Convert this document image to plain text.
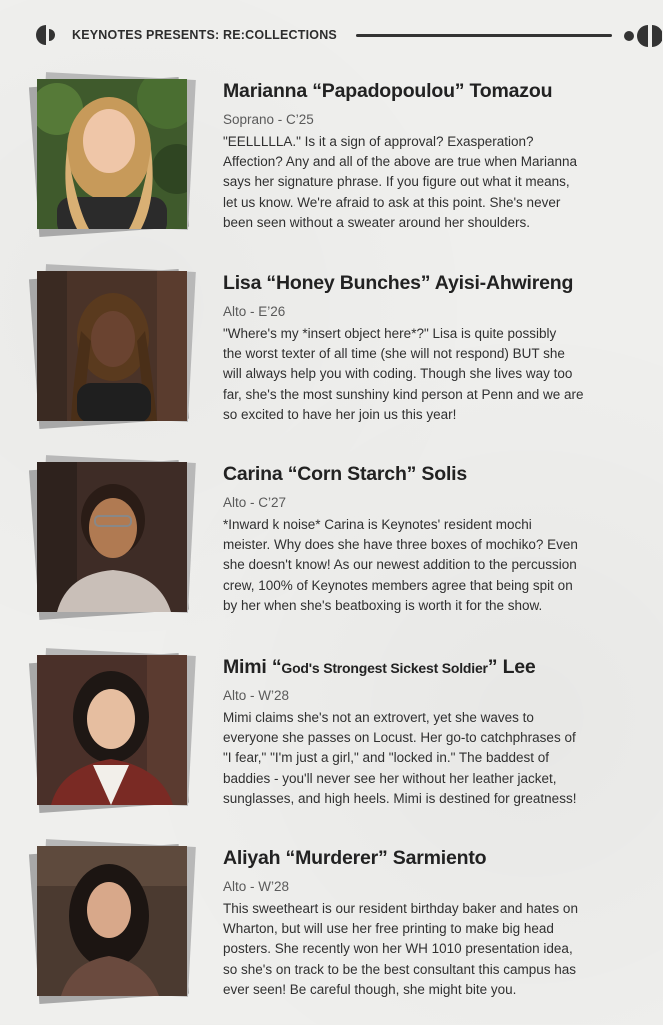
KEYNOTES PRESENTS: RE:COLLECTIONS
Marianna “Papadopoulou” Tomazou
Soprano - C’25
"EELLLLLA." Is it a sign of approval? Exasperation?
Affection? Any and all of the above are true when Marianna
says her signature phrase. If you figure out what it means,
let us know. We're afraid to ask at this point. She's never
been seen without a sweater around her shoulders.
Lisa “Honey Bunches” Ayisi-Ahwireng
Alto - E’26
"Where's my *insert object here*?" Lisa is quite possibly
the worst texter of all time (she will not respond) BUT she
will always help you with coding. Though she lives way too
far, she's the most sunshiny kind person at Penn and we are
so excited to have her join us this year!
Carina “Corn Starch” Solis
Alto - C’27
*Inward k noise* Carina is Keynotes' resident mochi
meister. Why does she have three boxes of mochiko? Even
she doesn't know! As our newest addition to the percussion
crew, 100% of Keynotes members agree that being spit on
by her when she's beatboxing is worth it for the show.
Mimi “God's Strongest Sickest Soldier” Lee
Alto - W’28
Mimi claims she's not an extrovert, yet she waves to
everyone she passes on Locust. Her go-to catchphrases of
"I fear," "I'm just a girl," and "locked in." The baddest of
baddies - you'll never see her without her leather jacket,
sunglasses, and high heels. Mimi is destined for greatness!
Aliyah “Murderer” Sarmiento
Alto - W’28
This sweetheart is our resident birthday baker and hates on
Wharton, but will use her free printing to make big head
posters. She recently won her WH 1010 presentation idea,
so she's on track to be the best consultant this campus has
ever seen! Be careful though, she might bite you.
